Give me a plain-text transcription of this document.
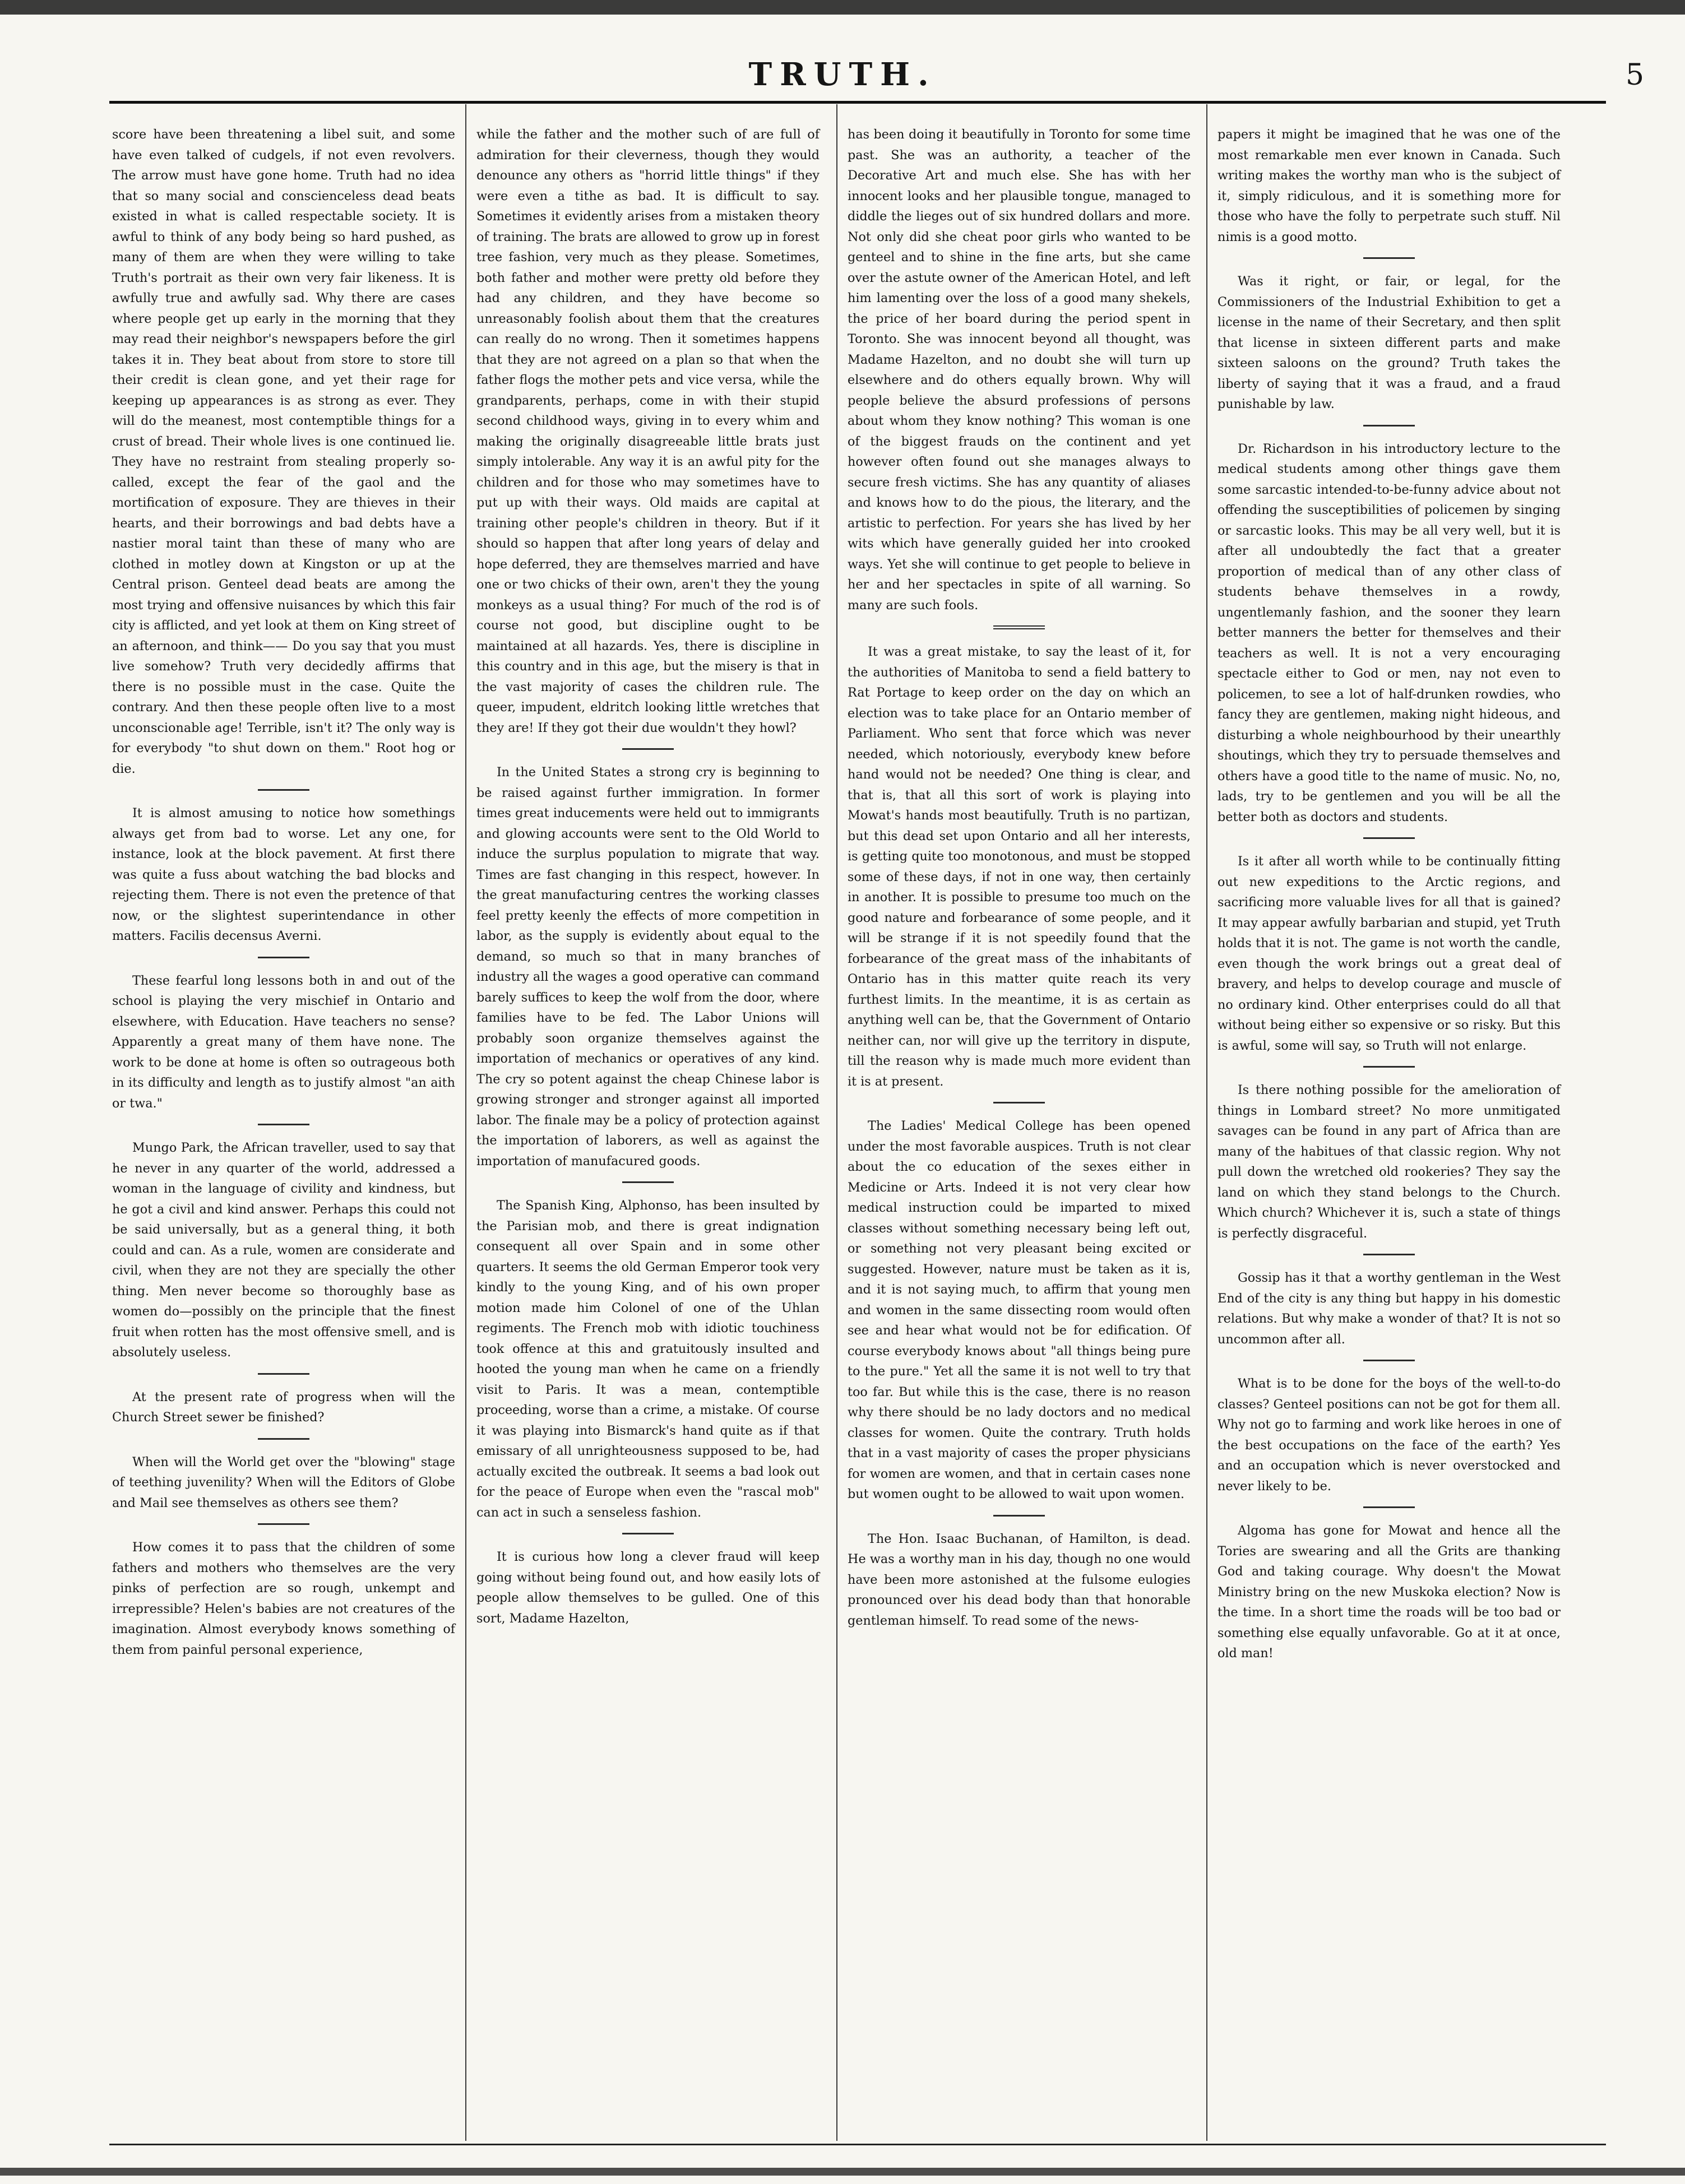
TRUTH.	5

score have been threatening a libel suit, and some have even talked of cudgels, if not even revolvers. The arrow must have gone home. Truth had no idea that so many social and conscienceless dead beats existed in what is called respectable society. It is awful to think of any body being so hard pushed, as many of them are when they were willing to take Truth's portrait as their own very fair likeness. It is awfully true and awfully sad. Why there are cases where people get up early in the morning that they may read their neighbor's newspapers before the girl takes it in. They beat about from store to store till their credit is clean gone, and yet their rage for keeping up appearances is as strong as ever. They will do the meanest, most contemptible things for a crust of bread. Their whole lives is one continued lie. They have no restraint from stealing properly so-called, except the fear of the gaol and the mortification of exposure. They are thieves in their hearts, and their borrowings and bad debts have a nastier moral taint than these of many who are clothed in motley down at Kingston or up at the Central prison. Genteel dead beats are among the most trying and offensive nuisances by which this fair city is afflicted, and yet look at them on King street of an afternoon, and think—— Do you say that you must live somehow? Truth very decidedly affirms that there is no possible must in the case. Quite the contrary. And then these people often live to a most unconscionable age! Terrible, isn't it? The only way is for everybody "to shut down on them." Root hog or die.

It is almost amusing to notice how somethings always get from bad to worse. Let any one, for instance, look at the block pavement. At first there was quite a fuss about watching the bad blocks and rejecting them. There is not even the pretence of that now, or the slightest superintendance in other matters. Facilis decensus Averni.

These fearful long lessons both in and out of the school is playing the very mischief in Ontario and elsewhere, with Education. Have teachers no sense? Apparently a great many of them have none. The work to be done at home is often so outrageous both in its difficulty and length as to justify almost "an aith or twa."

Mungo Park, the African traveller, used to say that he never in any quarter of the world, addressed a woman in the language of civility and kindness, but he got a civil and kind answer. Perhaps this could not be said universally, but as a general thing, it both could and can. As a rule, women are considerate and civil, when they are not they are specially the other thing. Men never become so thoroughly base as women do—possibly on the principle that the finest fruit when rotten has the most offensive smell, and is absolutely useless.

At the present rate of progress when will the Church Street sewer be finished?

When will the World get over the "blowing" stage of teething juvenility? When will the Editors of Globe and Mail see themselves as others see them?

How comes it to pass that the children of some fathers and mothers who themselves are the very pinks of perfection are so rough, unkempt and irrepressible? Helen's babies are not creatures of the imagination. Almost everybody knows something of them from painful personal experience,

while the father and the mother such of are full of admiration for their cleverness, though they would denounce any others as "horrid little things" if they were even a tithe as bad. It is difficult to say. Sometimes it evidently arises from a mistaken theory of training. The brats are allowed to grow up in forest tree fashion, very much as they please. Sometimes, both father and mother were pretty old before they had any children, and they have become so unreasonably foolish about them that the creatures can really do no wrong. Then it sometimes happens that they are not agreed on a plan so that when the father flogs the mother pets and vice versa, while the grandparents, perhaps, come in with their stupid second childhood ways, giving in to every whim and making the originally disagreeable little brats just simply intolerable. Any way it is an awful pity for the children and for those who may sometimes have to put up with their ways. Old maids are capital at training other people's children in theory. But if it should so happen that after long years of delay and hope deferred, they are themselves married and have one or two chicks of their own, aren't they the young monkeys as a usual thing? For much of the rod is of course not good, but discipline ought to be maintained at all hazards. Yes, there is discipline in this country and in this age, but the misery is that in the vast majority of cases the children rule. The queer, impudent, eldritch looking little wretches that they are! If they got their due wouldn't they howl?

In the United States a strong cry is beginning to be raised against further immigration. In former times great inducements were held out to immigrants and glowing accounts were sent to the Old World to induce the surplus population to migrate that way. Times are fast changing in this respect, however. In the great manufacturing centres the working classes feel pretty keenly the effects of more competition in labor, as the supply is evidently about equal to the demand, so much so that in many branches of industry all the wages a good operative can command barely suffices to keep the wolf from the door, where families have to be fed. The Labor Unions will probably soon organize themselves against the importation of mechanics or operatives of any kind. The cry so potent against the cheap Chinese labor is growing stronger and stronger against all imported labor. The finale may be a policy of protection against the importation of laborers, as well as against the importation of manufacured goods.

The Spanish King, Alphonso, has been insulted by the Parisian mob, and there is great indignation consequent all over Spain and in some other quarters. It seems the old German Emperor took very kindly to the young King, and of his own proper motion made him Colonel of one of the Uhlan regiments. The French mob with idiotic touchiness took offence at this and gratuitously insulted and hooted the young man when he came on a friendly visit to Paris. It was a mean, contemptible proceeding, worse than a crime, a mistake. Of course it was playing into Bismarck's hand quite as if that emissary of all unrighteousness supposed to be, had actually excited the outbreak. It seems a bad look out for the peace of Europe when even the "rascal mob" can act in such a senseless fashion.

It is curious how long a clever fraud will keep going without being found out, and how easily lots of people allow themselves to be gulled. One of this sort, Madame Hazelton,

has been doing it beautifully in Toronto for some time past. She was an authority, a teacher of the Decorative Art and much else. She has with her innocent looks and her plausible tongue, managed to diddle the lieges out of six hundred dollars and more. Not only did she cheat poor girls who wanted to be genteel and to shine in the fine arts, but she came over the astute owner of the American Hotel, and left him lamenting over the loss of a good many shekels, the price of her board during the period spent in Toronto. She was innocent beyond all thought, was Madame Hazelton, and no doubt she will turn up elsewhere and do others equally brown. Why will people believe the absurd professions of persons about whom they know nothing? This woman is one of the biggest frauds on the continent and yet however often found out she manages always to secure fresh victims. She has any quantity of aliases and knows how to do the pious, the literary, and the artistic to perfection. For years she has lived by her wits which have generally guided her into crooked ways. Yet she will continue to get people to believe in her and her spectacles in spite of all warning. So many are such fools.

It was a great mistake, to say the least of it, for the authorities of Manitoba to send a field battery to Rat Portage to keep order on the day on which an election was to take place for an Ontario member of Parliament. Who sent that force which was never needed, which notoriously, everybody knew before hand would not be needed? One thing is clear, and that is, that all this sort of work is playing into Mowat's hands most beautifully. Truth is no partizan, but this dead set upon Ontario and all her interests, is getting quite too monotonous, and must be stopped some of these days, if not in one way, then certainly in another. It is possible to presume too much on the good nature and forbearance of some people, and it will be strange if it is not speedily found that the forbearance of the great mass of the inhabitants of Ontario has in this matter quite reach its very furthest limits. In the meantime, it is as certain as anything well can be, that the Government of Ontario neither can, nor will give up the territory in dispute, till the reason why is made much more evident than it is at present.

The Ladies' Medical College has been opened under the most favorable auspices. Truth is not clear about the co education of the sexes either in Medicine or Arts. Indeed it is not very clear how medical instruction could be imparted to mixed classes without something necessary being left out, or something not very pleasant being excited or suggested. However, nature must be taken as it is, and it is not saying much, to affirm that young men and women in the same dissecting room would often see and hear what would not be for edification. Of course everybody knows about "all things being pure to the pure." Yet all the same it is not well to try that too far. But while this is the case, there is no reason why there should be no lady doctors and no medical classes for women. Quite the contrary. Truth holds that in a vast majority of cases the proper physicians for women are women, and that in certain cases none but women ought to be allowed to wait upon women.

The Hon. Isaac Buchanan, of Hamilton, is dead. He was a worthy man in his day, though no one would have been more astonished at the fulsome eulogies pronounced over his dead body than that honorable gentleman himself. To read some of the news-

papers it might be imagined that he was one of the most remarkable men ever known in Canada. Such writing makes the worthy man who is the subject of it, simply ridiculous, and it is something more for those who have the folly to perpetrate such stuff. Nil nimis is a good motto.

Was it right, or fair, or legal, for the Commissioners of the Industrial Exhibition to get a license in the name of their Secretary, and then split that license in sixteen different parts and make sixteen saloons on the ground? Truth takes the liberty of saying that it was a fraud, and a fraud punishable by law.

Dr. Richardson in his introductory lecture to the medical students among other things gave them some sarcastic intended-to-be-funny advice about not offending the susceptibilities of policemen by singing or sarcastic looks. This may be all very well, but it is after all undoubtedly the fact that a greater proportion of medical than of any other class of students behave themselves in a rowdy, ungentlemanly fashion, and the sooner they learn better manners the better for themselves and their teachers as well. It is not a very encouraging spectacle either to God or men, nay not even to policemen, to see a lot of half-drunken rowdies, who fancy they are gentlemen, making night hideous, and disturbing a whole neighbourhood by their unearthly shoutings, which they try to persuade themselves and others have a good title to the name of music. No, no, lads, try to be gentlemen and you will be all the better both as doctors and students.

Is it after all worth while to be continually fitting out new expeditions to the Arctic regions, and sacrificing more valuable lives for all that is gained? It may appear awfully barbarian and stupid, yet Truth holds that it is not. The game is not worth the candle, even though the work brings out a great deal of bravery, and helps to develop courage and muscle of no ordinary kind. Other enterprises could do all that without being either so expensive or so risky. But this is awful, some will say, so Truth will not enlarge.

Is there nothing possible for the amelioration of things in Lombard street? No more unmitigated savages can be found in any part of Africa than are many of the habitues of that classic region. Why not pull down the wretched old rookeries? They say the land on which they stand belongs to the Church. Which church? Whichever it is, such a state of things is perfectly disgraceful.

Gossip has it that a worthy gentleman in the West End of the city is any thing but happy in his domestic relations. But why make a wonder of that? It is not so uncommon after all.

What is to be done for the boys of the well-to-do classes? Genteel positions can not be got for them all. Why not go to farming and work like heroes in one of the best occupations on the face of the earth? Yes and an occupation which is never overstocked and never likely to be.

Algoma has gone for Mowat and hence all the Tories are swearing and all the Grits are thanking God and taking courage. Why doesn't the Mowat Ministry bring on the new Muskoka election? Now is the time. In a short time the roads will be too bad or something else equally unfavorable. Go at it at once, old man!
